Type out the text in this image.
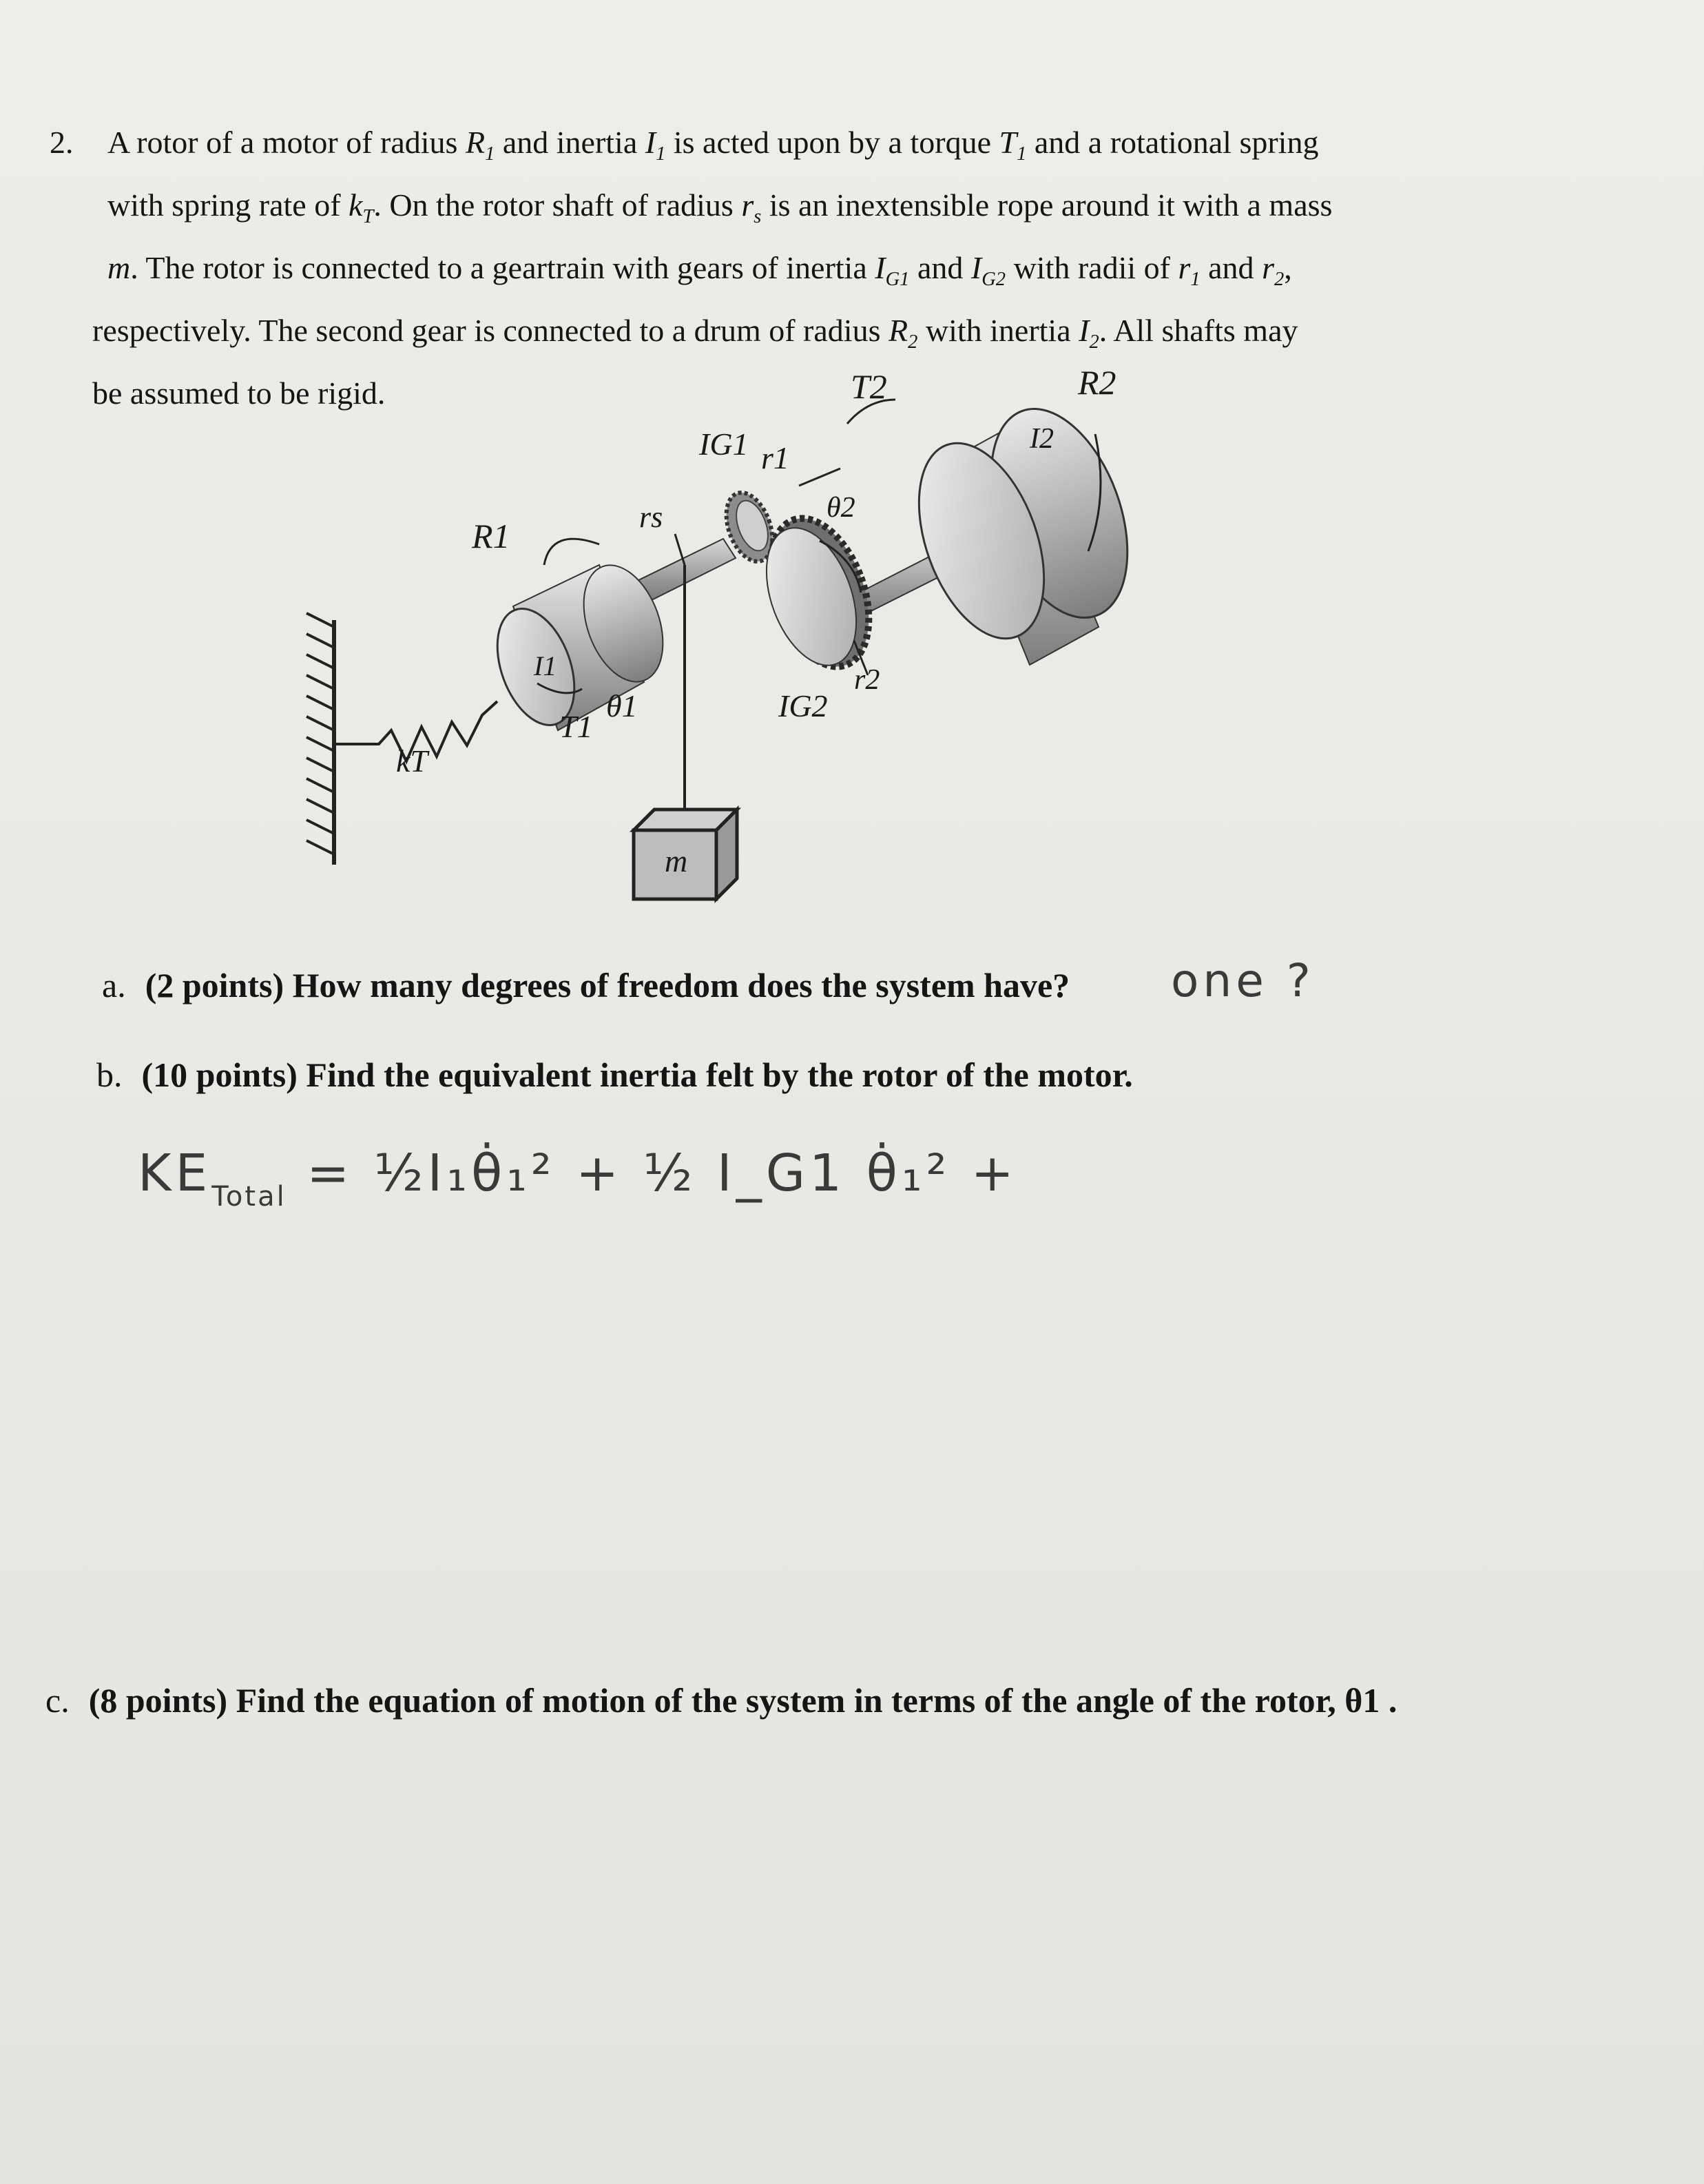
2. A rotor of a motor of radius $R_1$ and inertia $I_1$ is acted upon by a torque $T_1$ and a rotational spring
with spring rate of $k_T$. On the rotor shaft of radius $r_s$ is an inextensible rope around it with a mass
m. The rotor is connected to a geartrain with gears of inertia $I_{G1}$ and $I_{G2}$ with radii of $r_1$ and $r_2$,
respectively. The second gear is connected to a drum of radius $R_2$ with inertia $I_2$. All shafts may
be assumed to be rigid.	T2	R2
I2
IG1 r1
θ2
rs
R1
I1
θ1
T1
kT
IG2
r2
m
a. (2 points) How many degrees of freedom does the system have? one ?
b. (10 points) Find the equivalent inertia felt by the rotor of the motor.
$KE_{Total}$ = ½I₁θ̇₁² + ½ I_G1 θ̇₁² +
c. (8 points) Find the equation of motion of the system in terms of the angle of the rotor, θ1 .
